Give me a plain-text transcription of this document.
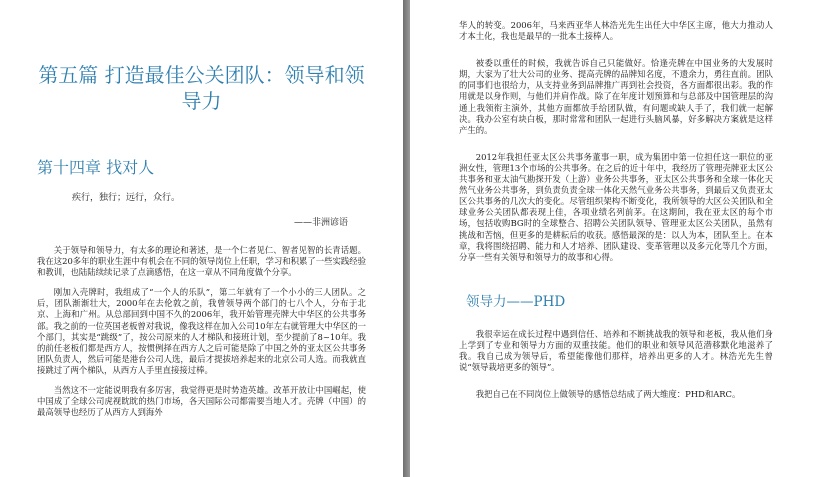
第五篇 打造最佳公关团队：领导和领导力
第十四章 找对人
疾行，独行；远行，众行。
——非洲谚语

关于领导和领导力，有太多的理论和著述，是一个仁者见仁、智者见智的长青话题。我在这20多年的职业生涯中有机会在不同的领导岗位上任职，学习和积累了一些实践经验和教训，也陆陆续续记录了点滴感悟，在这一章从不同角度做个分享。

刚加入壳牌时，我组成了“一个人的乐队”，第二年就有了一个小小的三人团队。之后，团队渐渐壮大，2000年在去伦敦之前，我曾领导两个部门的七八个人，分布于北京、上海和广州。从总部回到中国不久的2006年，我开始管理壳牌大中华区的公共事务部。我之前的一位英国老板曾对我说，像我这样在加入公司10年左右就管理大中华区的一个部门，其实是“跳级”了，按公司原来的人才梯队和接班计划，至少提前了8~10年。我的前任老板们都是西方人，按惯例择在西方人之后可能是除了中国之外的亚太区公共事务团队负责人，然后可能是港台公司人选，最后才提拔培养起来的北京公司人选。而我就直接跳过了两个梯队，从西方人手里直接接过棒。

当然这不一定能说明我有多厉害，我觉得更是时势造英雄。改革开放让中国崛起，使中国成了全球公司虎视眈眈的热门市场，各天国际公司都需要当地人才。壳牌（中国）的最高领导也经历了从西方人到海外

华人的转变。2006年，马来西亚华人林浩光先生出任大中华区主席，他大力推动人才本土化，我也是最早的一批本土接棒人。

被委以重任的时候，我就告诉自己只能做好。恰逢壳牌在中国业务的大发展时期，大家为了壮大公司的业务、提高壳牌的品牌知名度，不遗余力，勇往直前。团队的同事们也很给力，从支持业务到品牌推广再到社会投资，各方面都很出彩。我的作用就是以身作则，与他们并肩作战。除了在年度计划预算和与总部及中国管理层的沟通上我领衔主演外，其他方面都放手给团队做，有问题或缺人手了，我们就一起解决。我办公室有块白板，那时常常和团队一起进行头脑风暴，好多解决方案就是这样产生的。

2012年我担任亚太区公共事务董事一职，成为集团中第一位担任这一职位的亚洲女性，管理13个市场的公共事务。在之后的近十年中，我经历了管理壳牌亚太区公共事务和亚太油气勘探开发（上游）业务公共事务，亚太区公共事务和全球一体化天然气业务公共事务，到负责负责全球一体化天然气业务公共事务，到最后又负责亚太区公共事务的几次大的变化。尽管组织架构不断变化，我所领导的大区公关团队和全球业务公关团队都表现上佳，各项业绩名列前茅。在这期间，我在亚太区的每个市场，包括收购BG时的全球整合、招聘公关团队领导、管理亚太区公关团队，虽然有挑战和苦恼，但更多的是耕耘后的收获。感悟最深的是：以人为本，团队至上。在本章，我将围绕招聘、能力和人才培养、团队建设、变革管理以及多元化等几个方面，分享一些有关领导和领导力的故事和心得。

领导力——PHD

我很幸运在成长过程中遇到信任、培养和不断挑战我的领导和老板，我从他们身上学到了专业和领导力方面的双重技能。他们的职业和领导风范潜移默化地滋养了我。我自己成为领导后，希望能像他们那样，培养出更多的人才。林浩光先生曾说“领导栽培更多的领导”。

我把自己在不同岗位上做领导的感悟总结成了两大维度：PHD和ARC。
